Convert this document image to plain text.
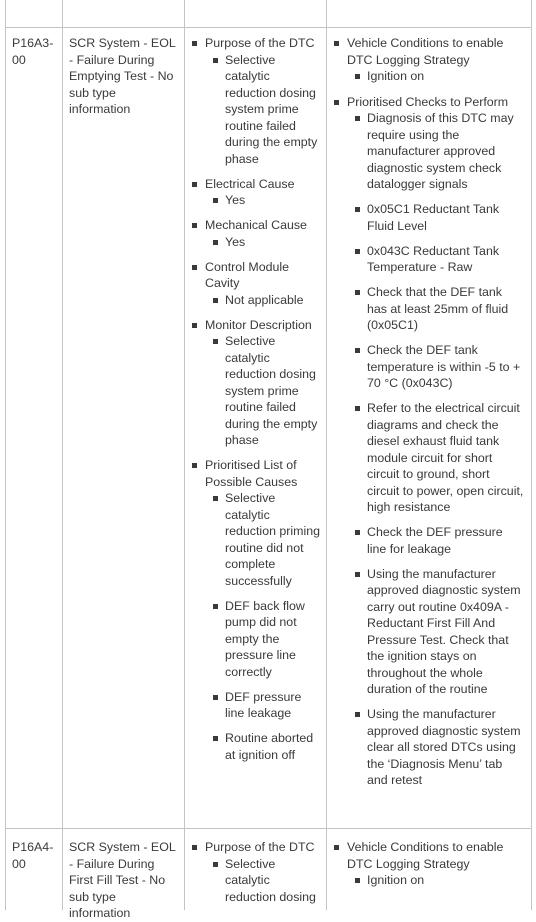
P16A3-00
SCR System - EOL - Failure During Emptying Test - No sub type information
Purpose of the DTC
Selective catalytic reduction dosing system prime routine failed during the empty phase
Electrical Cause
Yes
Mechanical Cause
Yes
Control Module Cavity
Not applicable
Monitor Description
Selective catalytic reduction dosing system prime routine failed during the empty phase
Prioritised List of Possible Causes
Selective catalytic reduction priming routine did not complete successfully
DEF back flow pump did not empty the pressure line correctly
DEF pressure line leakage
Routine aborted at ignition off
Vehicle Conditions to enable DTC Logging Strategy
Ignition on
Prioritised Checks to Perform
Diagnosis of this DTC may require using the manufacturer approved diagnostic system check datalogger signals
0x05C1 Reductant Tank Fluid Level
0x043C Reductant Tank Temperature - Raw
Check that the DEF tank has at least 25mm of fluid (0x05C1)
Check the DEF tank temperature is within -5 to + 70 °C (0x043C)
Refer to the electrical circuit diagrams and check the diesel exhaust fluid tank module circuit for short circuit to ground, short circuit to power, open circuit, high resistance
Check the DEF pressure line for leakage
Using the manufacturer approved diagnostic system carry out routine 0x409A - Reductant First Fill And Pressure Test. Check that the ignition stays on throughout the whole duration of the routine
Using the manufacturer approved diagnostic system clear all stored DTCs using the ‘Diagnosis Menu’ tab and retest
P16A4-00
SCR System - EOL - Failure During First Fill Test - No sub type information
Purpose of the DTC
Selective catalytic reduction dosing
Vehicle Conditions to enable DTC Logging Strategy
Ignition on
